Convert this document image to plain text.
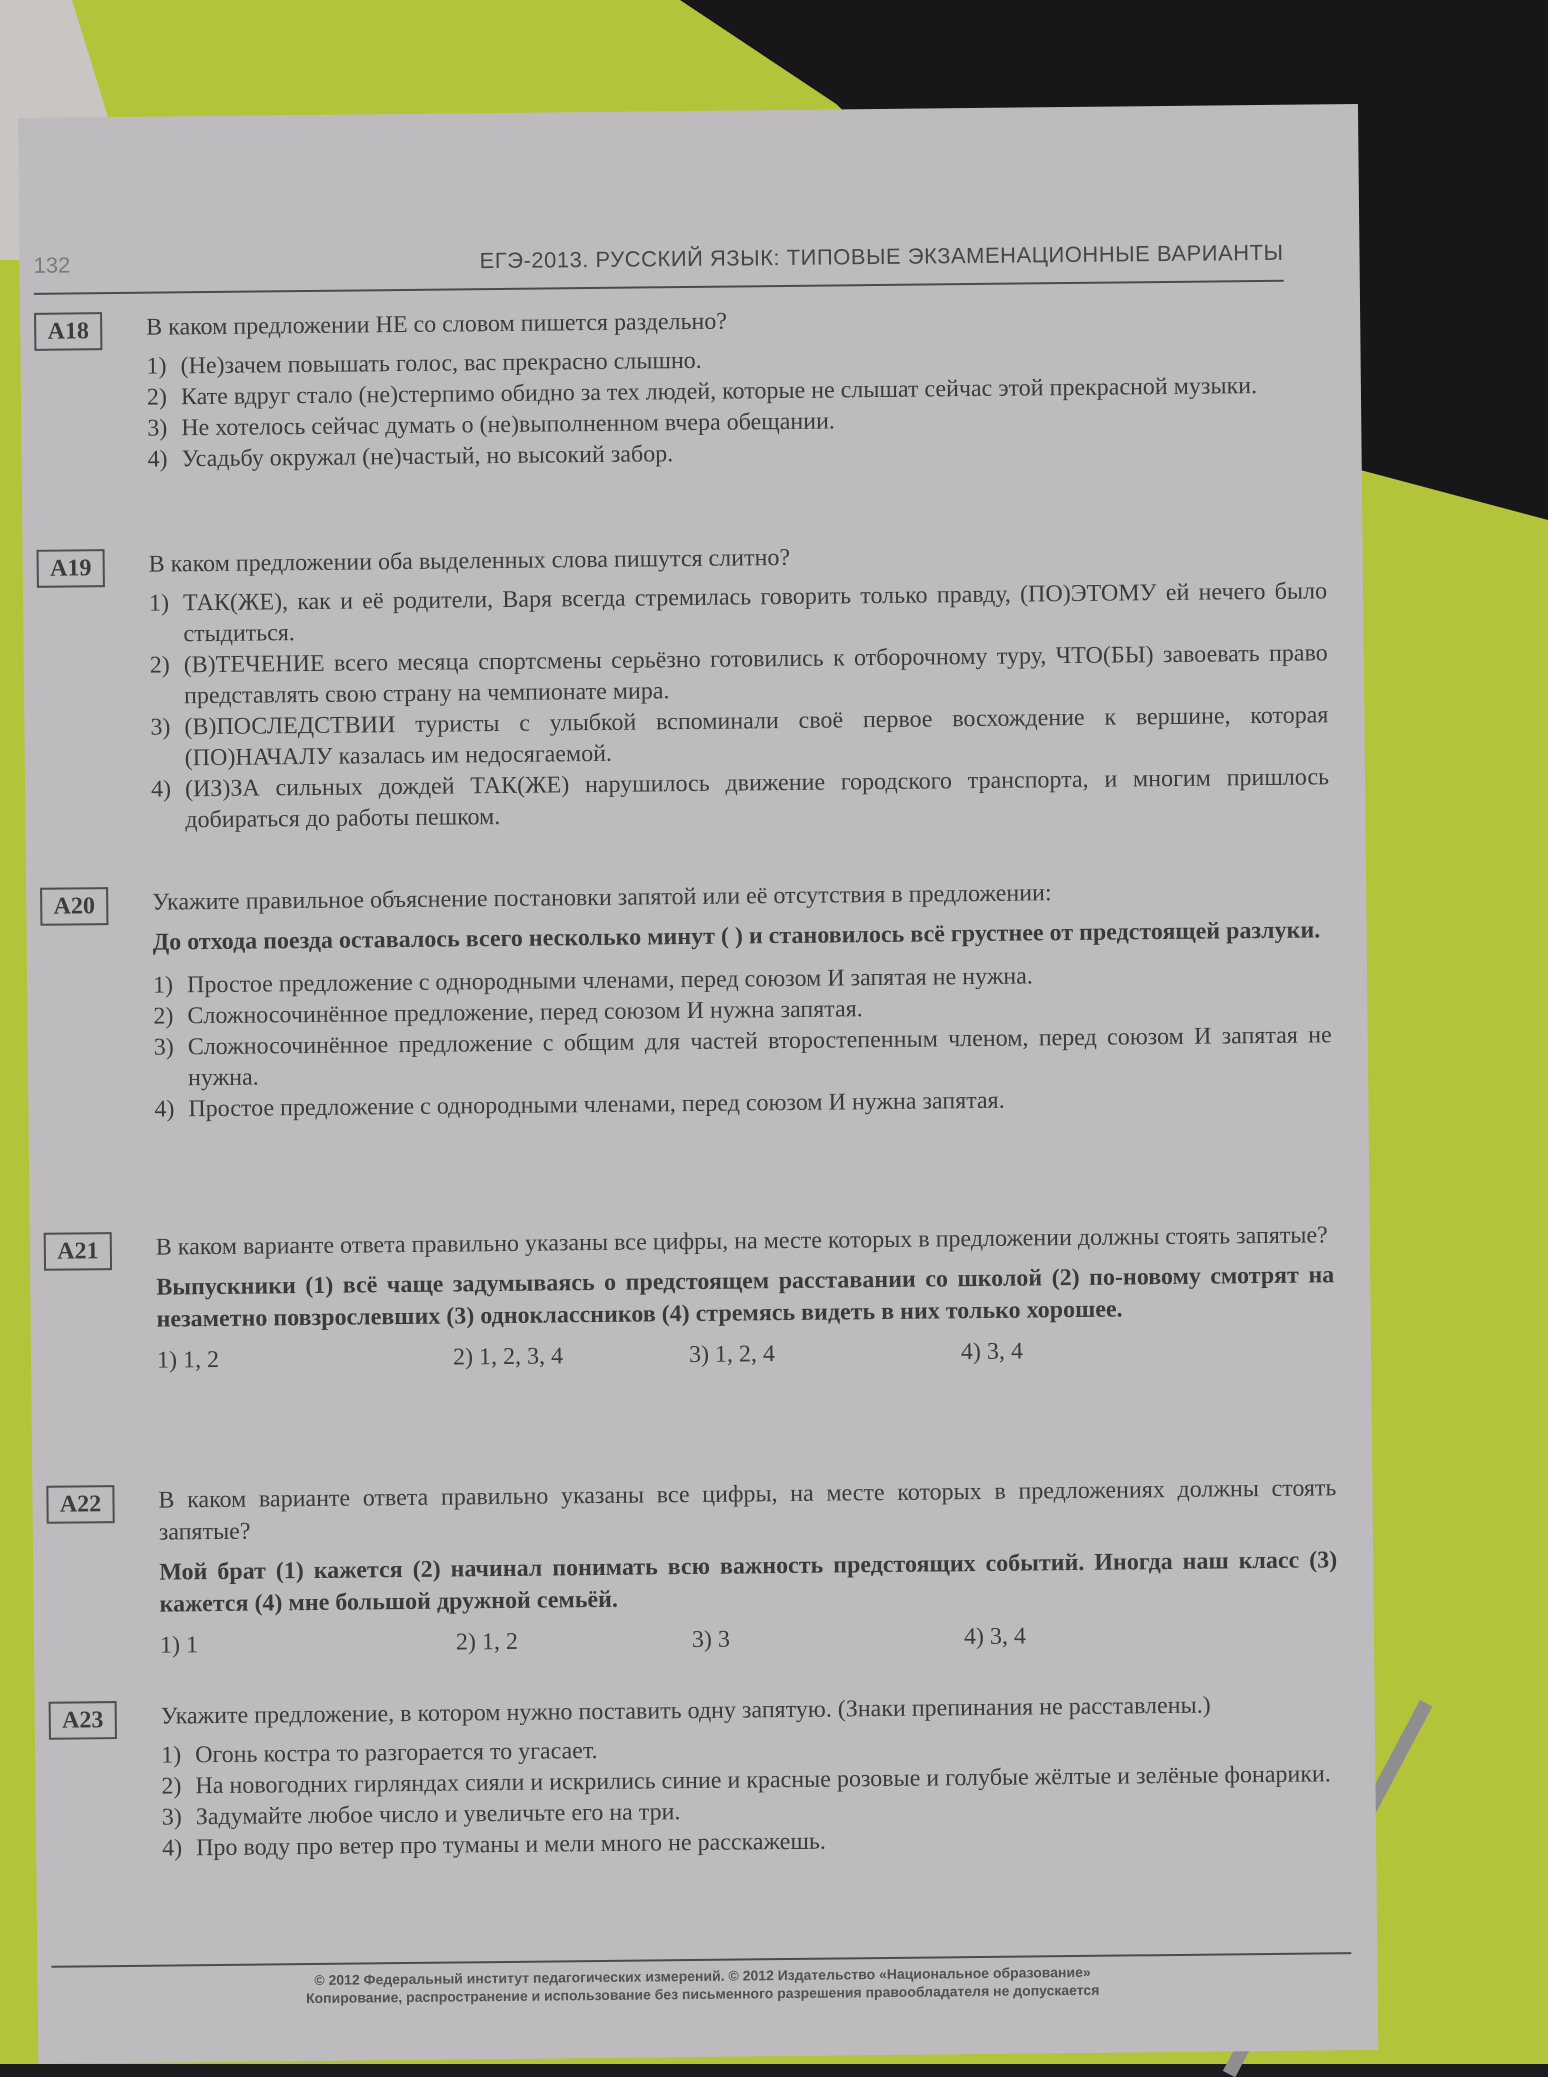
132	ЕГЭ-2013. РУССКИЙ ЯЗЫК: ТИПОВЫЕ ЭКЗАМЕНАЦИОННЫЕ ВАРИАНТЫ
А18	В каком предложении НЕ со словом пишется раздельно?

1) (Не)зачем повышать голос, вас прекрасно слышно.
2) Кате вдруг стало (не)стерпимо обидно за тех людей, которые не слышат сейчас этой прекрасной музыки.
3) Не хотелось сейчас думать о (не)выполненном вчера обещании.
4) Усадьбу окружал (не)частый, но высокий забор.
А19	В каком предложении оба выделенных слова пишутся слитно?

1) ТАК(ЖЕ), как и её родители, Варя всегда стремилась говорить только правду, (ПО)ЭТОМУ ей нечего было стыдиться.
2) (В)ТЕЧЕНИЕ всего месяца спортсмены серьёзно готовились к отборочному туру, ЧТО(БЫ) завоевать право представлять свою страну на чемпионате мира.
3) (В)ПОСЛЕДСТВИИ туристы с улыбкой вспоминали своё первое восхождение к вершине, которая (ПО)НАЧАЛУ казалась им недосягаемой.
4) (ИЗ)ЗА сильных дождей ТАК(ЖЕ) нарушилось движение городского транспорта, и многим пришлось добираться до работы пешком.
А20	Укажите правильное объяснение постановки запятой или её отсутствия в предложении:

До отхода поезда оставалось всего несколько минут ( ) и становилось всё грустнее от предстоящей разлуки.

1) Простое предложение с однородными членами, перед союзом И запятая не нужна.
2) Сложносочинённое предложение, перед союзом И нужна запятая.
3) Сложносочинённое предложение с общим для частей второстепенным членом, перед союзом И запятая не нужна.
4) Простое предложение с однородными членами, перед союзом И нужна запятая.
А21	В каком варианте ответа правильно указаны все цифры, на месте которых в предложении должны стоять запятые?

Выпускники (1) всё чаще задумываясь о предстоящем расставании со школой (2) по-новому смотрят на незаметно повзрослевших (3) одноклассников (4) стремясь видеть в них только хорошее.

1) 1, 2	2) 1, 2, 3, 4	3) 1, 2, 4	4) 3, 4
А22	В каком варианте ответа правильно указаны все цифры, на месте которых в предложениях должны стоять запятые?

Мой брат (1) кажется (2) начинал понимать всю важность предстоящих событий. Иногда наш класс (3) кажется (4) мне большой дружной семьёй.

1) 1	2) 1, 2	3) 3	4) 3, 4
А23	Укажите предложение, в котором нужно поставить одну запятую. (Знаки препинания не расставлены.)

1) Огонь костра то разгорается то угасает.
2) На новогодних гирляндах сияли и искрились синие и красные розовые и голубые жёлтые и зелёные фонарики.
3) Задумайте любое число и увеличьте его на три.
4) Про воду про ветер про туманы и мели много не расскажешь.
© 2012 Федеральный институт педагогических измерений. © 2012 Издательство «Национальное образование»
Копирование, распространение и использование без письменного разрешения правообладателя не допускается
